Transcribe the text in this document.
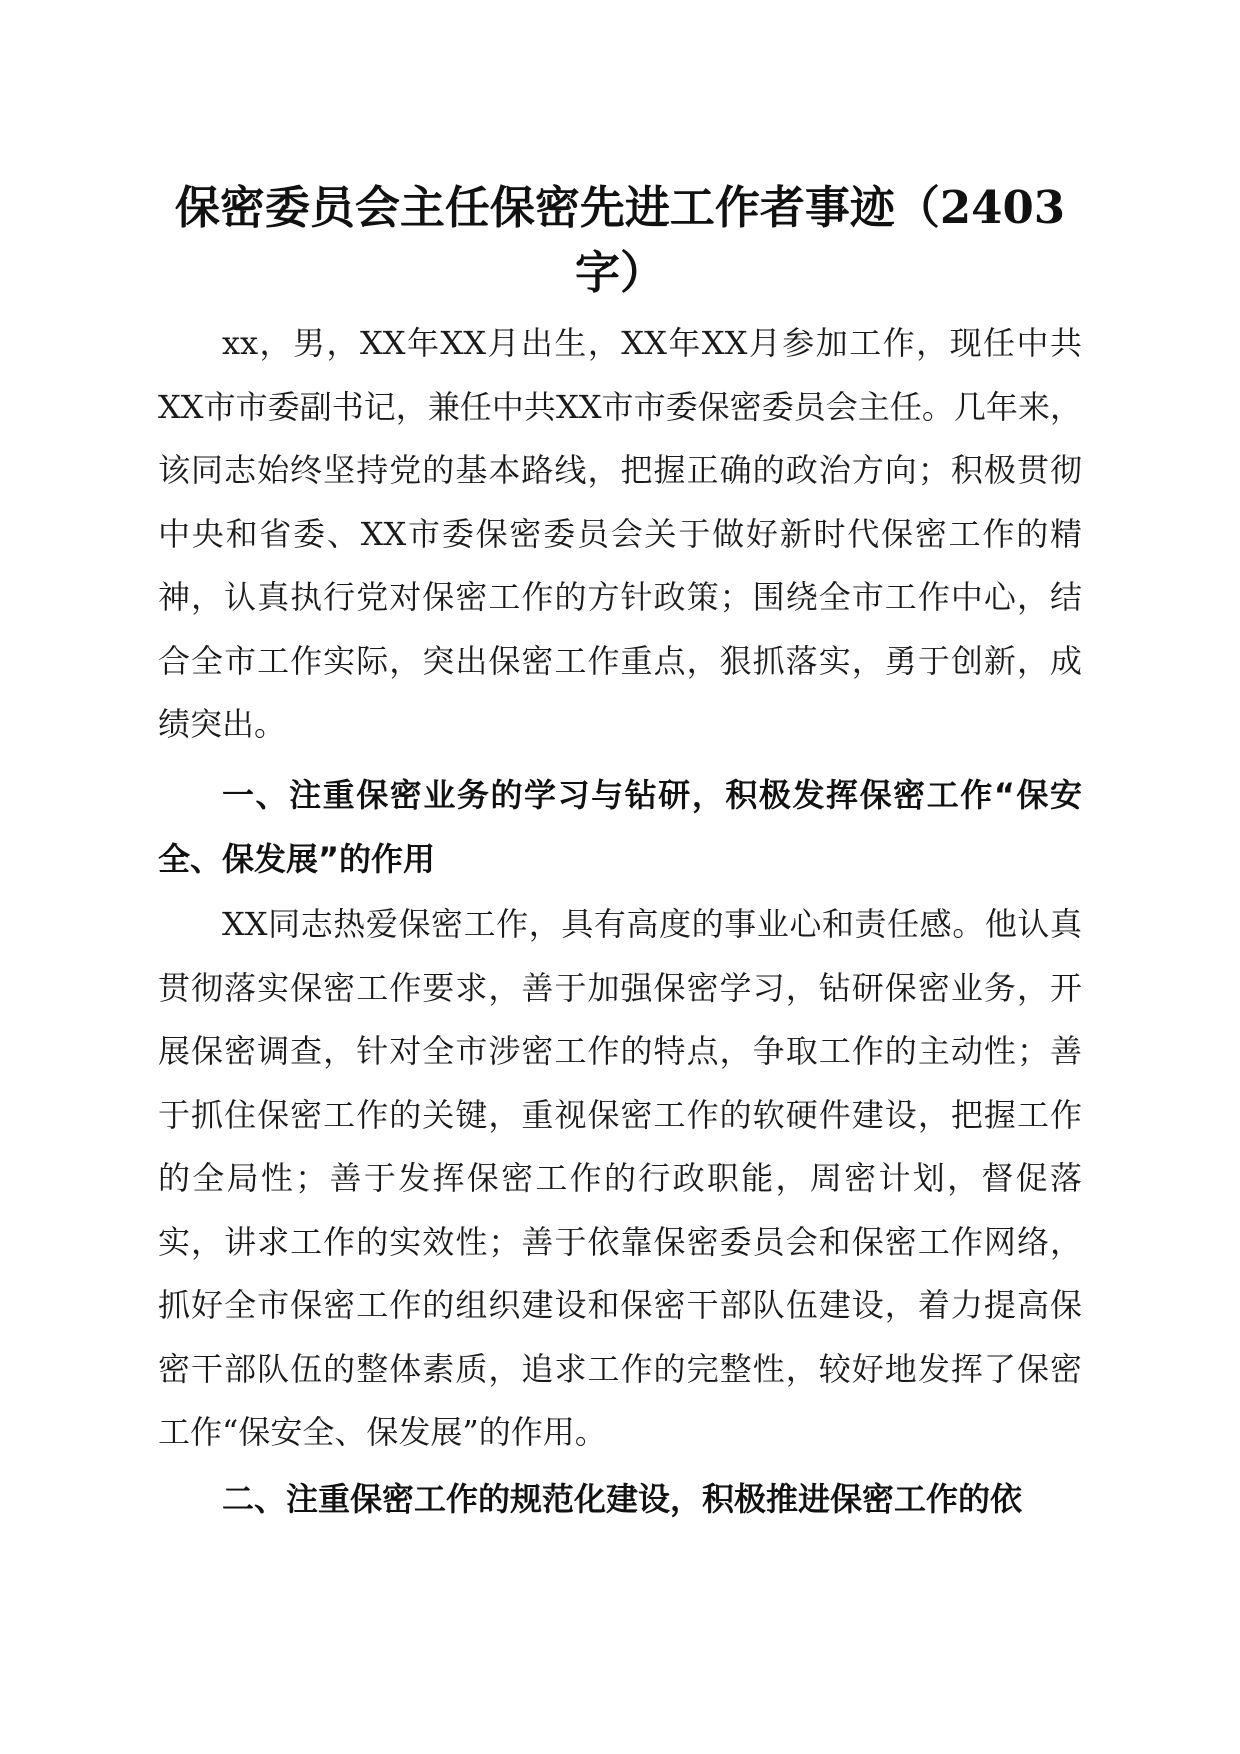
保密委员会主任保密先进工作者事迹（2403
字）

xx，男，XX年XX月出生，XX年XX月参加工作，现任中共XX市市委副书记，兼任中共XX市市委保密委员会主任。几年来，该同志始终坚持党的基本路线，把握正确的政治方向；积极贯彻中央和省委、XX市委保密委员会关于做好新时代保密工作的精神，认真执行党对保密工作的方针政策；围绕全市工作中心，结合全市工作实际，突出保密工作重点，狠抓落实，勇于创新，成绩突出。

一、注重保密业务的学习与钻研，积极发挥保密工作“保安全、保发展”的作用

XX同志热爱保密工作，具有高度的事业心和责任感。他认真贯彻落实保密工作要求，善于加强保密学习，钻研保密业务，开展保密调查，针对全市涉密工作的特点，争取工作的主动性；善于抓住保密工作的关键，重视保密工作的软硬件建设，把握工作的全局性；善于发挥保密工作的行政职能，周密计划，督促落实，讲求工作的实效性；善于依靠保密委员会和保密工作网络，抓好全市保密工作的组织建设和保密干部队伍建设，着力提高保密干部队伍的整体素质，追求工作的完整性，较好地发挥了保密工作“保安全、保发展”的作用。

二、注重保密工作的规范化建设，积极推进保密工作的依
